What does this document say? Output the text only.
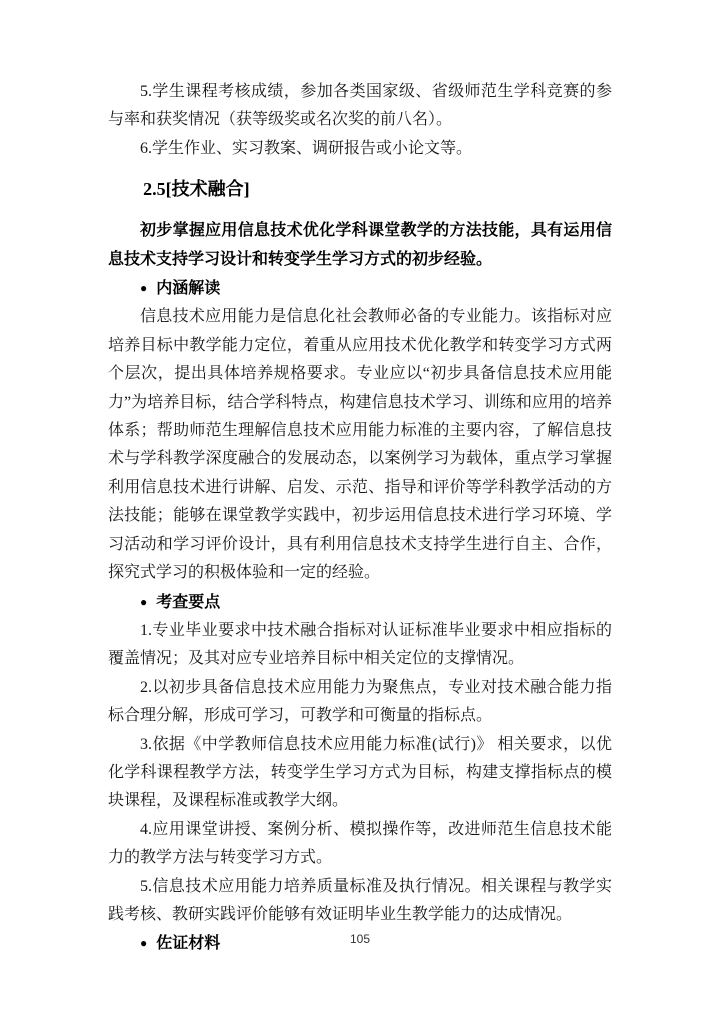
5.学生课程考核成绩，参加各类国家级、省级师范生学科竞赛的参与率和获奖情况（获等级奖或名次奖的前八名）。

6.学生作业、实习教案、调研报告或小论文等。

2.5[技术融合]

初步掌握应用信息技术优化学科课堂教学的方法技能，具有运用信息技术支持学习设计和转变学生学习方式的初步经验。

● 内涵解读

信息技术应用能力是信息化社会教师必备的专业能力。该指标对应培养目标中教学能力定位，着重从应用技术优化教学和转变学习方式两个层次，提出具体培养规格要求。专业应以“初步具备信息技术应用能力”为培养目标，结合学科特点，构建信息技术学习、训练和应用的培养体系；帮助师范生理解信息技术应用能力标准的主要内容，了解信息技术与学科教学深度融合的发展动态，以案例学习为载体，重点学习掌握利用信息技术进行讲解、启发、示范、指导和评价等学科教学活动的方法技能；能够在课堂教学实践中，初步运用信息技术进行学习环境、学习活动和学习评价设计，具有利用信息技术支持学生进行自主、合作，探究式学习的积极体验和一定的经验。

● 考查要点

1.专业毕业要求中技术融合指标对认证标准毕业要求中相应指标的覆盖情况；及其对应专业培养目标中相关定位的支撑情况。

2.以初步具备信息技术应用能力为聚焦点，专业对技术融合能力指标合理分解，形成可学习，可教学和可衡量的指标点。

3.依据《中学教师信息技术应用能力标准(试行)》 相关要求，以优化学科课程教学方法，转变学生学习方式为目标，构建支撑指标点的模块课程，及课程标准或教学大纲。

4.应用课堂讲授、案例分析、模拟操作等，改进师范生信息技术能力的教学方法与转变学习方式。

5.信息技术应用能力培养质量标准及执行情况。相关课程与教学实践考核、教研实践评价能够有效证明毕业生教学能力的达成情况。

● 佐证材料	105
